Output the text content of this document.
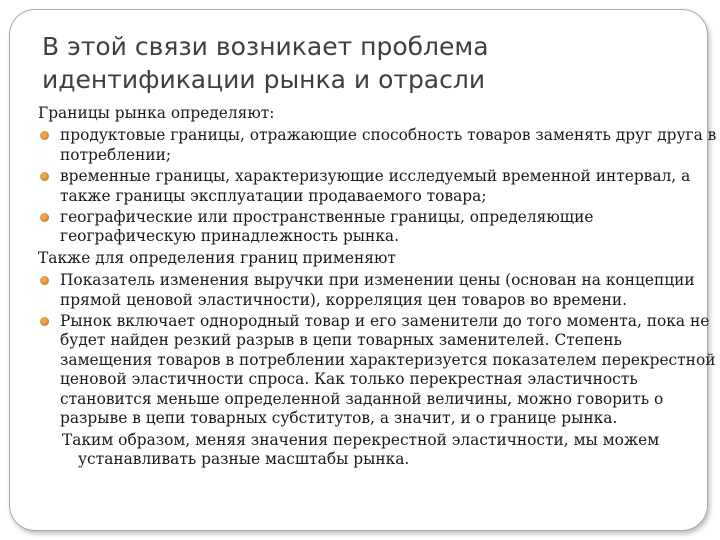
В этой связи возникает проблема идентификации рынка и отрасли

Границы рынка определяют:

продуктовые границы, отражающие способность товаров заменять друг друга в потреблении;
временные границы, характеризующие исследуемый временной интервал, а также границы эксплуатации продаваемого товара;
географические или пространственные границы, определяющие географическую принадлежность рынка.

Также для определения границ применяют

Показатель изменения выручки при изменении цены (основан на концепции прямой ценовой эластичности), корреляция цен товаров во времени.
Рынок включает однородный товар и его заменители до того момента, пока не будет найден резкий разрыв в цепи товарных заменителей. Степень замещения товаров в потреблении характеризуется показателем перекрестной ценовой эластичности спроса. Как только перекрестная эластичность становится меньше определенной заданной величины, можно говорить о разрыве в цепи товарных субститутов, а значит, и о границе рынка.

Таким образом, меняя значения перекрестной эластичности, мы можем устанавливать разные масштабы рынка.
